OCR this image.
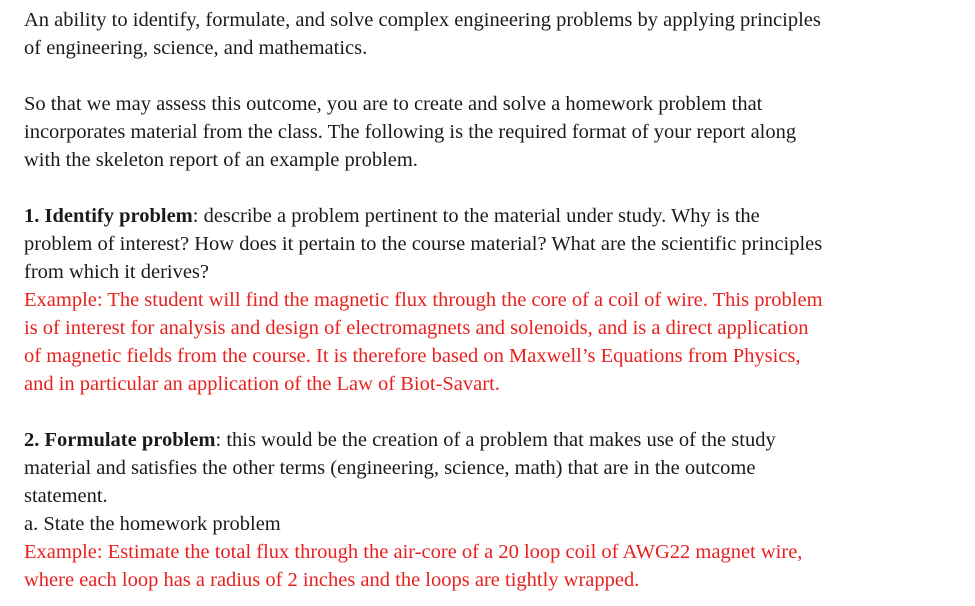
An ability to identify, formulate, and solve complex engineering problems by applying principles
of engineering, science, and mathematics.

So that we may assess this outcome, you are to create and solve a homework problem that
incorporates material from the class. The following is the required format of your report along
with the skeleton report of an example problem.

1. Identify problem: describe a problem pertinent to the material under study. Why is the
problem of interest? How does it pertain to the course material? What are the scientific principles
from which it derives?
Example: The student will find the magnetic flux through the core of a coil of wire. This problem
is of interest for analysis and design of electromagnets and solenoids, and is a direct application
of magnetic fields from the course. It is therefore based on Maxwell’s Equations from Physics,
and in particular an application of the Law of Biot-Savart.
2. Formulate problem: this would be the creation of a problem that makes use of the study
material and satisfies the other terms (engineering, science, math) that are in the outcome
statement.
a. State the homework problem
Example: Estimate the total flux through the air-core of a 20 loop coil of AWG22 magnet wire,
where each loop has a radius of 2 inches and the loops are tightly wrapped.
